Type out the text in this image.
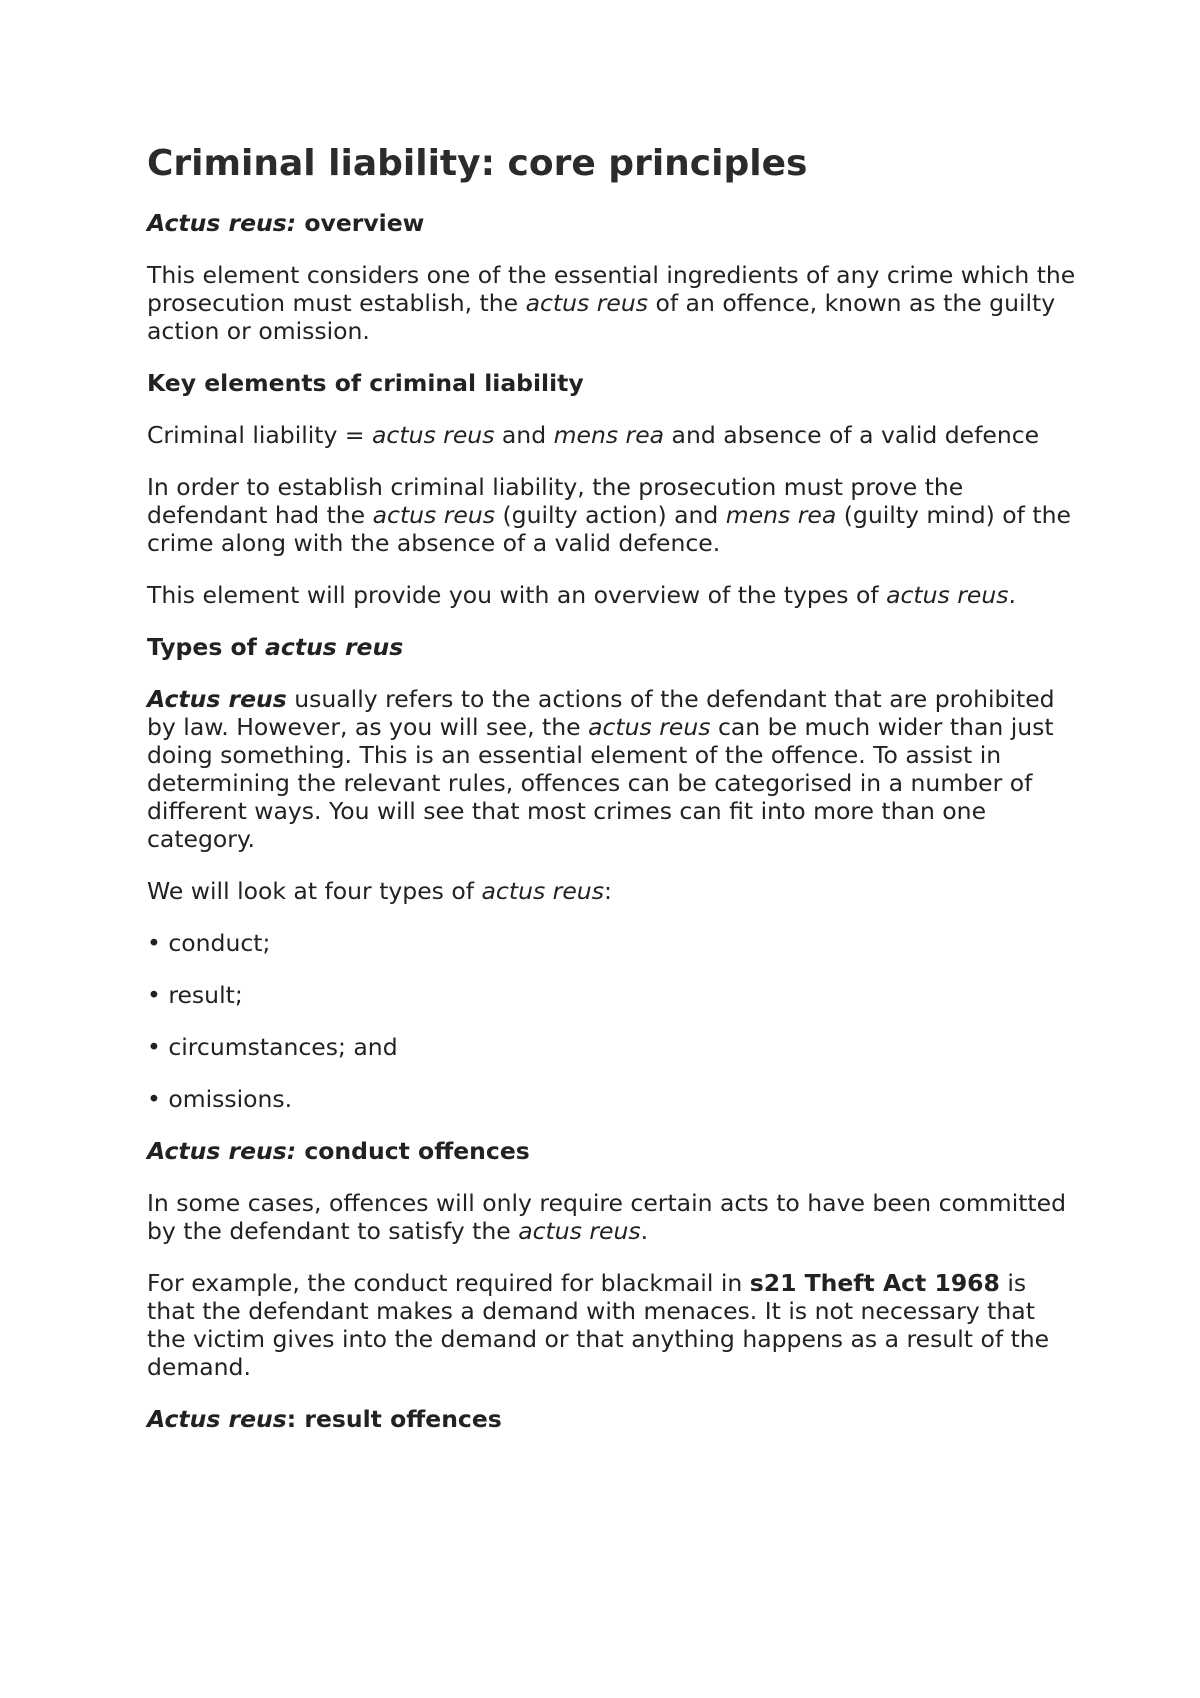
Criminal liability: core principles
Actus reus: overview
This element considers one of the essential ingredients of any crime which the prosecution must establish, the actus reus of an offence, known as the guilty action or omission.
Key elements of criminal liability
Criminal liability = actus reus and mens rea and absence of a valid defence
In order to establish criminal liability, the prosecution must prove the defendant had the actus reus (guilty action) and mens rea (guilty mind) of the crime along with the absence of a valid defence.
This element will provide you with an overview of the types of actus reus.
Types of actus reus
Actus reus usually refers to the actions of the defendant that are prohibited by law. However, as you will see, the actus reus can be much wider than just doing something. This is an essential element of the offence. To assist in determining the relevant rules, offences can be categorised in a number of different ways. You will see that most crimes can fit into more than one category.
We will look at four types of actus reus:
• conduct;
• result;
• circumstances; and
• omissions.
Actus reus: conduct offences
In some cases, offences will only require certain acts to have been committed by the defendant to satisfy the actus reus.
For example, the conduct required for blackmail in s21 Theft Act 1968 is that the defendant makes a demand with menaces. It is not necessary that the victim gives into the demand or that anything happens as a result of the demand.
Actus reus: result offences
